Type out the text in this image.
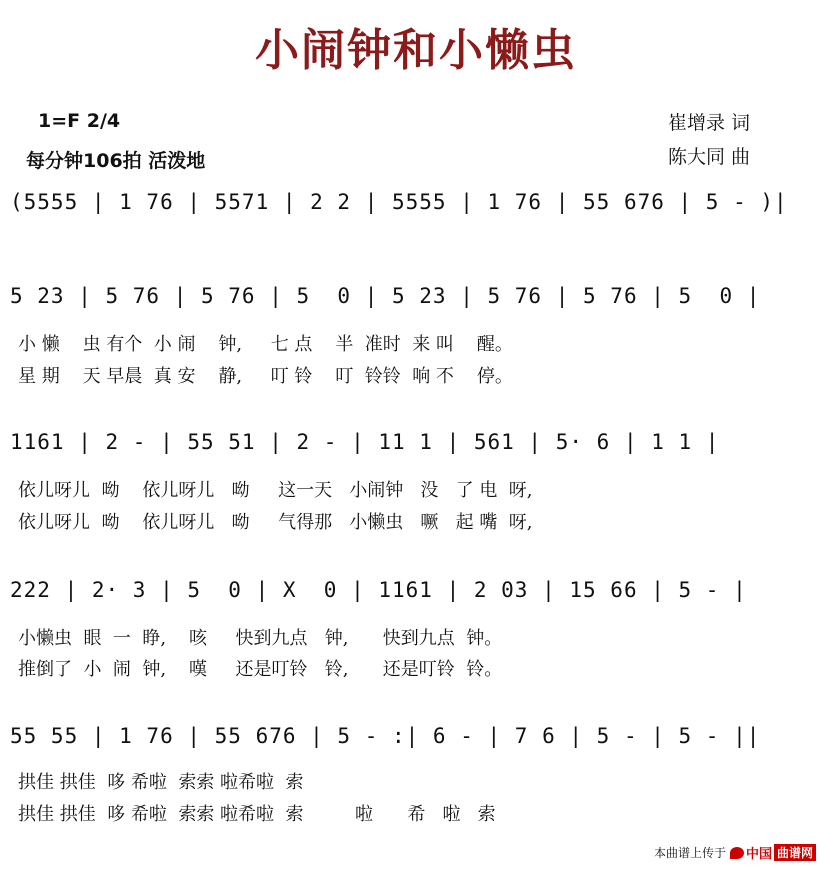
小闹钟和小懒虫
1=F 2/4
每分钟106拍 活泼地
崔增录 词
陈大同 曲
(5555 | 1 76 | 5571 | 2 2 | 5555 | 1 76 | 55 676 | 5 - )|
5 23 | 5 76 | 5 76 | 5  0 | 5 23 | 5 76 | 5 76 | 5  0 |
小 懒    虫 有个  小 闹    钟,     七 点    半  准时  来 叫    醒。
星 期    天 早晨  真 安    静,     叮 铃    叮  铃铃  响 不    停。
1161 | 2 - | 55 51 | 2 - | 11 1 | 561 | 5· 6 | 1 1 |
依儿呀儿  呦    依儿呀儿   呦     这一天   小闹钟   没   了 电  呀,
依儿呀儿  呦    依儿呀儿   呦     气得那   小懒虫   噘   起 嘴  呀,
222 | 2· 3 | 5  0 | X  0 | 1161 | 2 03 | 15 66 | 5 - |
小懒虫  眼  一  睁,    咳     快到九点   钟,      快到九点  钟。
推倒了  小  闹  钟,    嘆     还是叮铃   铃,      还是叮铃  铃。
55 55 | 1 76 | 55 676 | 5 - :| 6 - | 7 6 | 5 - | 5 - ||
拱佳 拱佳  哆 希啦  索索 啦希啦  索
拱佳 拱佳  哆 希啦  索索 啦希啦  索         啦      希   啦   索
本曲谱上传于 中国 曲谱网
